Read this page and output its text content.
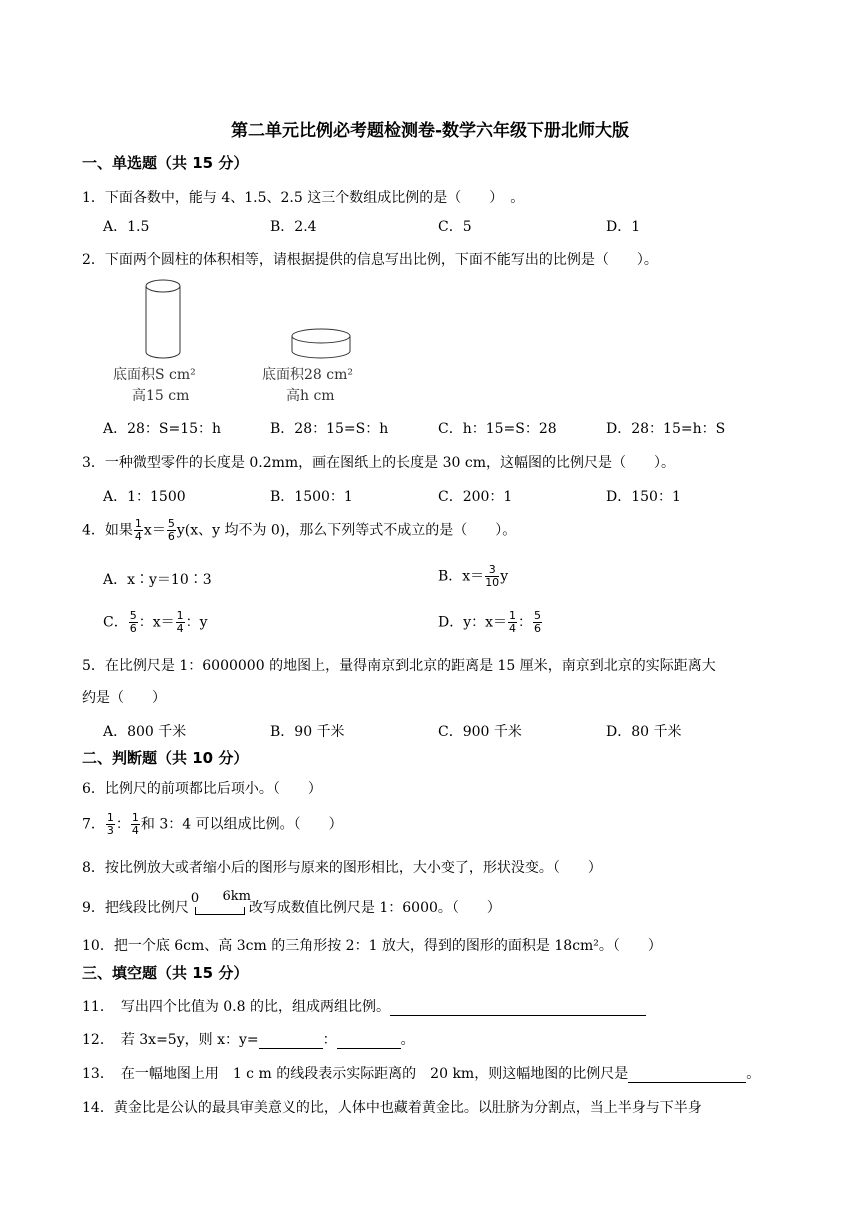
第二单元比例必考题检测卷-数学六年级下册北师大版
一、单选题（共 15 分）
1．下面各数中，能与 4、1.5、2.5 这三个数组成比例的是（　　）　。
A．1.5	B．2.4	C．5	D．1
2．下面两个圆柱的体积相等，请根据提供的信息写出比例，下面不能写出的比例是（　　）。
底面积S cm²
高15 cm
底面积28 cm²
高h cm
A．28：S=15：h	B．28：15=S：h	C．h：15=S：28	D．28：15=h：S
3．一种微型零件的长度是 0.2mm，画在图纸上的长度是 30 cm，这幅图的比例尺是（　　）。
A．1：1500	B．1500：1	C．200：1	D．150：1
4．如果 $\frac{1}{4} x= \frac{5}{6} y(x$、y 均不为 0)，那么下列等式不成立的是（　　）。
A．x∶y＝10∶3	B．$x= \frac{3}{10}$ y
C． $\frac{5}{6}$ ：$x= \frac{1}{4}$ ：y	D．y：$x= \frac{1}{4}$ ： $\frac{5}{6}$
5．在比例尺是 1：6000000 的地图上，量得南京到北京的距离是 15 厘米，南京到北京的实际距离大
约是（　　）
A．800 千米	B．90 千米	C．900 千米	D．80 千米
二、判断题（共 10 分）
6．比例尺的前项都比后项小。（　　）
7． $\frac{1}{3}$ ： $\frac{1}{4}$ 和 3：4 可以组成比例。（　　）
8．按比例放大或者缩小后的图形与原来的图形相比，大小变了，形状没变。（　　）
9．把线段比例尺
0 6km
改写成数值比例尺是 1：6000。（　　）
10．把一个底 6cm、高 3cm 的三角形按 2：1 放大，得到的图形的面积是 18cm²。（　　）
三、填空题（共 15 分）
11．　写出四个比值为 0.8 的比，组成两组比例。
12．　若 3x=5y，则 x：y=	：	。
13．　在一幅地图上用　1 c m 的线段表示实际距离的　20 km，则这幅地图的比例尺是	。
14．黄金比是公认的最具审美意义的比，人体中也藏着黄金比。以肚脐为分割点，当上半身与下半身
